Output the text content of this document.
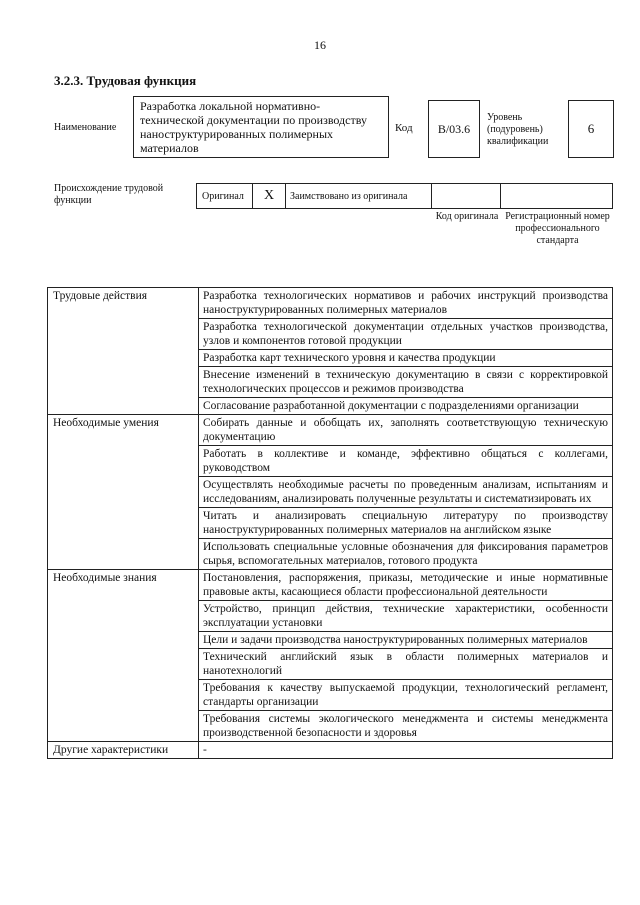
16
3.2.3. Трудовая функция
Наименование
Разработка локальной нормативно-технической документации по производству наноструктурированных полимерных материалов
Код	B/03.6
Уровень (подуровень) квалификации
6
Происхождение трудовой функции	Оригинал	X	Заимствовано из оригинала
Код оригинала Регистрационный номер профессионального стандарта
Трудовые действия	Разработка технологических нормативов и рабочих инструкций производства наноструктурированных полимерных материалов
	Разработка технологической документации отдельных участков производства, узлов и компонентов готовой продукции
	Разработка карт технического уровня и качества продукции
	Внесение изменений в техническую документацию в связи с корректировкой технологических процессов и режимов производства
	Согласование разработанной документации с подразделениями организации
Необходимые умения	Собирать данные и обобщать их, заполнять соответствующую техническую документацию
	Работать в коллективе и команде, эффективно общаться с коллегами, руководством
	Осуществлять необходимые расчеты по проведенным анализам, испытаниям и исследованиям, анализировать полученные результаты и систематизировать их
	Читать и анализировать специальную литературу по производству наноструктурированных полимерных материалов на английском языке
	Использовать специальные условные обозначения для фиксирования параметров сырья, вспомогательных материалов, готового продукта
Необходимые знания	Постановления, распоряжения, приказы, методические и иные нормативные правовые акты, касающиеся области профессиональной деятельности
	Устройство, принцип действия, технические характеристики, особенности эксплуатации установки
	Цели и задачи производства наноструктурированных полимерных материалов
	Технический английский язык в области полимерных материалов и нанотехнологий
	Требования к качеству выпускаемой продукции, технологический регламент, стандарты организации
	Требования системы экологического менеджмента и системы менеджмента производственной безопасности и здоровья
Другие характеристики	-
